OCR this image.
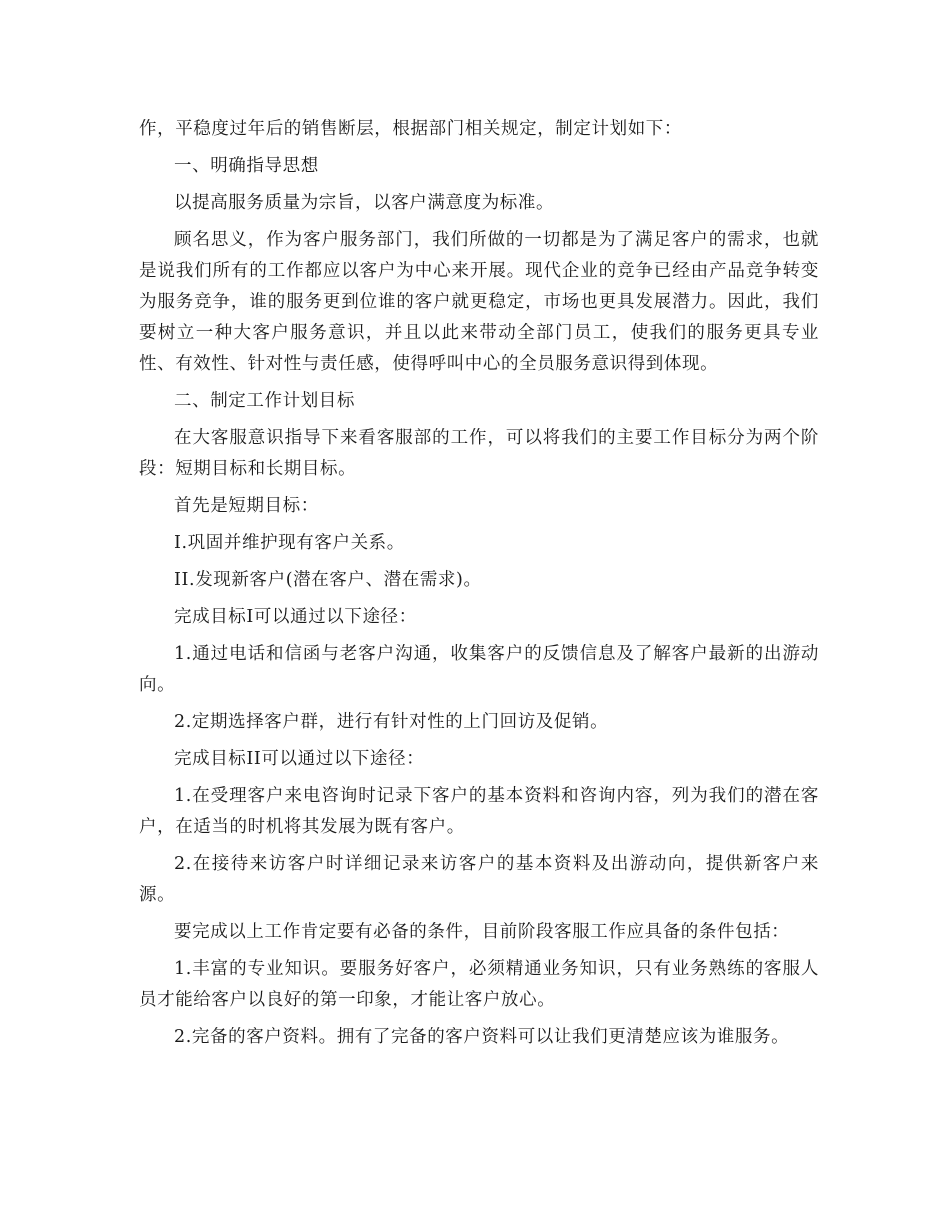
作，平稳度过年后的销售断层，根据部门相关规定，制定计划如下：

一、明确指导思想

以提高服务质量为宗旨，以客户满意度为标准。

顾名思义，作为客户服务部门，我们所做的一切都是为了满足客户的需求，也就是说我们所有的工作都应以客户为中心来开展。现代企业的竞争已经由产品竞争转变为服务竞争，谁的服务更到位谁的客户就更稳定，市场也更具发展潜力。因此，我们要树立一种大客户服务意识，并且以此来带动全部门员工，使我们的服务更具专业性、有效性、针对性与责任感，使得呼叫中心的全员服务意识得到体现。

二、制定工作计划目标

在大客服意识指导下来看客服部的工作，可以将我们的主要工作目标分为两个阶段：短期目标和长期目标。

首先是短期目标：

I.巩固并维护现有客户关系。

II.发现新客户(潜在客户、潜在需求)。

完成目标I可以通过以下途径：

1.通过电话和信函与老客户沟通，收集客户的反馈信息及了解客户最新的出游动向。

2.定期选择客户群，进行有针对性的上门回访及促销。

完成目标II可以通过以下途径：

1.在受理客户来电咨询时记录下客户的基本资料和咨询内容，列为我们的潜在客户，在适当的时机将其发展为既有客户。

2.在接待来访客户时详细记录来访客户的基本资料及出游动向，提供新客户来源。

要完成以上工作肯定要有必备的条件，目前阶段客服工作应具备的条件包括：

1.丰富的专业知识。要服务好客户，必须精通业务知识，只有业务熟练的客服人员才能给客户以良好的第一印象，才能让客户放心。

2.完备的客户资料。拥有了完备的客户资料可以让我们更清楚应该为谁服务。
